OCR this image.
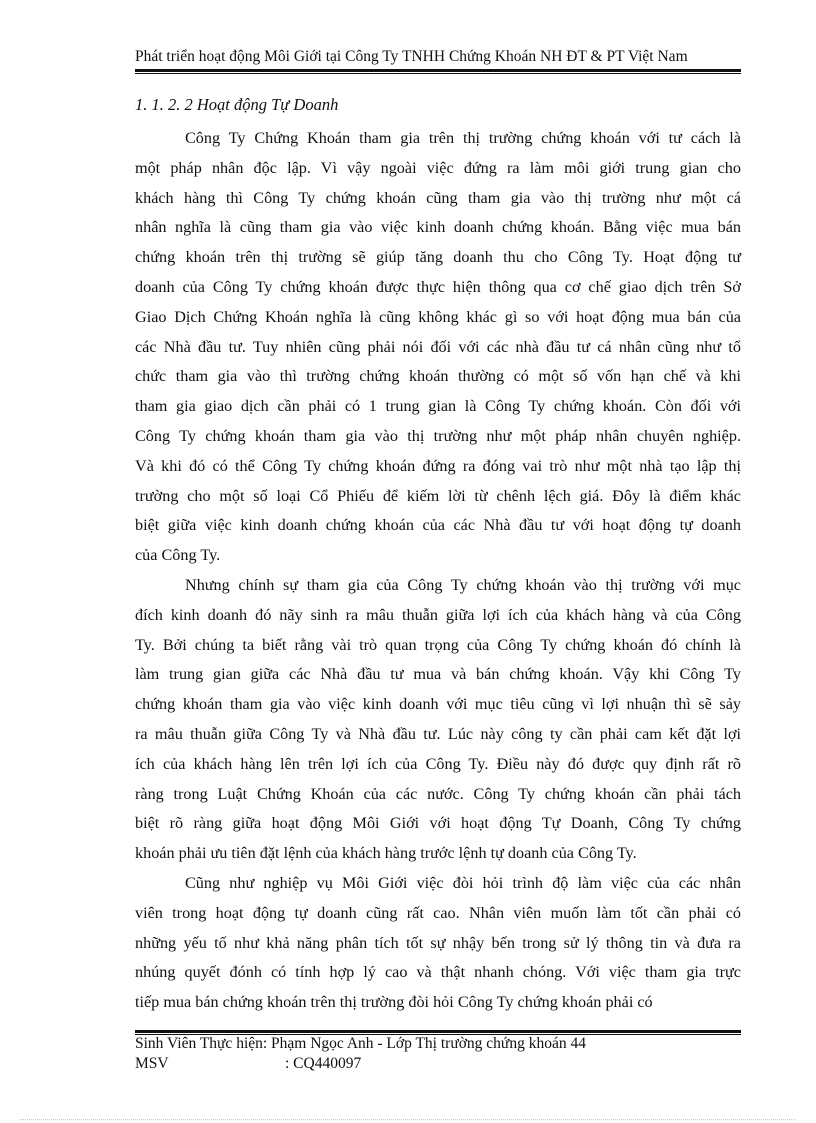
Phát triển hoạt động Môi Giới tại Công Ty TNHH Chứng Khoán NH ĐT & PT Việt Nam
1. 1. 2. 2 Hoạt động Tự Doanh
Công Ty Chứng Khoán tham gia trên thị trường chứng khoán với tư cách là
một pháp nhân độc lập. Vì vậy ngoài việc đứng ra làm môi giới trung gian cho
khách hàng thì Công Ty chứng khoán cũng tham gia vào thị trường như một cá
nhân nghĩa là cũng tham gia vào việc kinh doanh chứng khoán. Bằng việc mua bán
chứng khoán trên thị trường sẽ giúp tăng doanh thu cho Công Ty. Hoạt động tư
doanh của Công Ty chứng khoán được thực hiện thông qua cơ chế giao dịch trên Sở
Giao Dịch Chứng Khoán nghĩa là cũng không khác gì so với hoạt động mua bán của
các Nhà đầu tư. Tuy nhiên cũng phải nói đối với các nhà đầu tư cá nhân cũng như tổ
chức tham gia vào thì trường chứng khoán thường có một số vốn hạn chế và khi
tham gia giao dịch cần phải có 1 trung gian là Công Ty chứng khoán. Còn đối với
Công Ty chứng khoán tham gia vào thị trường như một pháp nhân chuyên nghiệp.
Và khi đó có thể Công Ty chứng khoán đứng ra đóng vai trò như một nhà tạo lập thị
trường cho một số loại Cổ Phiếu để kiếm lời từ chênh lệch giá. Đôy là điểm khác
biệt giữa việc kinh doanh chứng khoán của các Nhà đầu tư với hoạt động tự doanh
của Công Ty.
Nhưng chính sự tham gia của Công Ty chứng khoán vào thị trường với mục
đích kinh doanh đó nãy sinh ra mâu thuẫn giữa lợi ích của khách hàng và của Công
Ty. Bởi chúng ta biết rằng vài trò quan trọng của Công Ty chứng khoán đó chính là
làm trung gian giữa các Nhà đầu tư mua và bán chứng khoán. Vậy khi Công Ty
chứng khoán tham gia vào việc kinh doanh với mục tiêu cũng vì lợi nhuận thì sẽ sảy
ra mâu thuẫn giữa Công Ty và Nhà đầu tư. Lúc này công ty cần phải cam kết đặt lợi
ích của khách hàng lên trên lợi ích của Công Ty. Điều này đó được quy định rất rõ
ràng trong Luật Chứng Khoán của các nước. Công Ty chứng khoán cần phải tách
biệt rõ ràng giữa hoạt động Môi Giới với hoạt động Tự Doanh, Công Ty chứng
khoán phải ưu tiên đặt lệnh của khách hàng trước lệnh tự doanh của Công Ty.
Cũng như nghiệp vụ Môi Giới việc đòi hỏi trình độ làm việc của các nhân
viên trong hoạt động tự doanh cũng rất cao. Nhân viên muốn làm tốt cần phải có
những yếu tố như khả năng phân tích tốt sự nhậy bến trong sử lý thông tin và đưa ra
nhúng quyết đónh có tính hợp lý cao và thật nhanh chóng. Với việc tham gia trực
tiếp mua bán chứng khoán trên thị trường đòi hỏi Công Ty chứng khoán phải có
Sinh Viên Thực hiện: Phạm Ngọc Anh - Lớp Thị trường chứng khoán 44
MSV	: CQ440097
